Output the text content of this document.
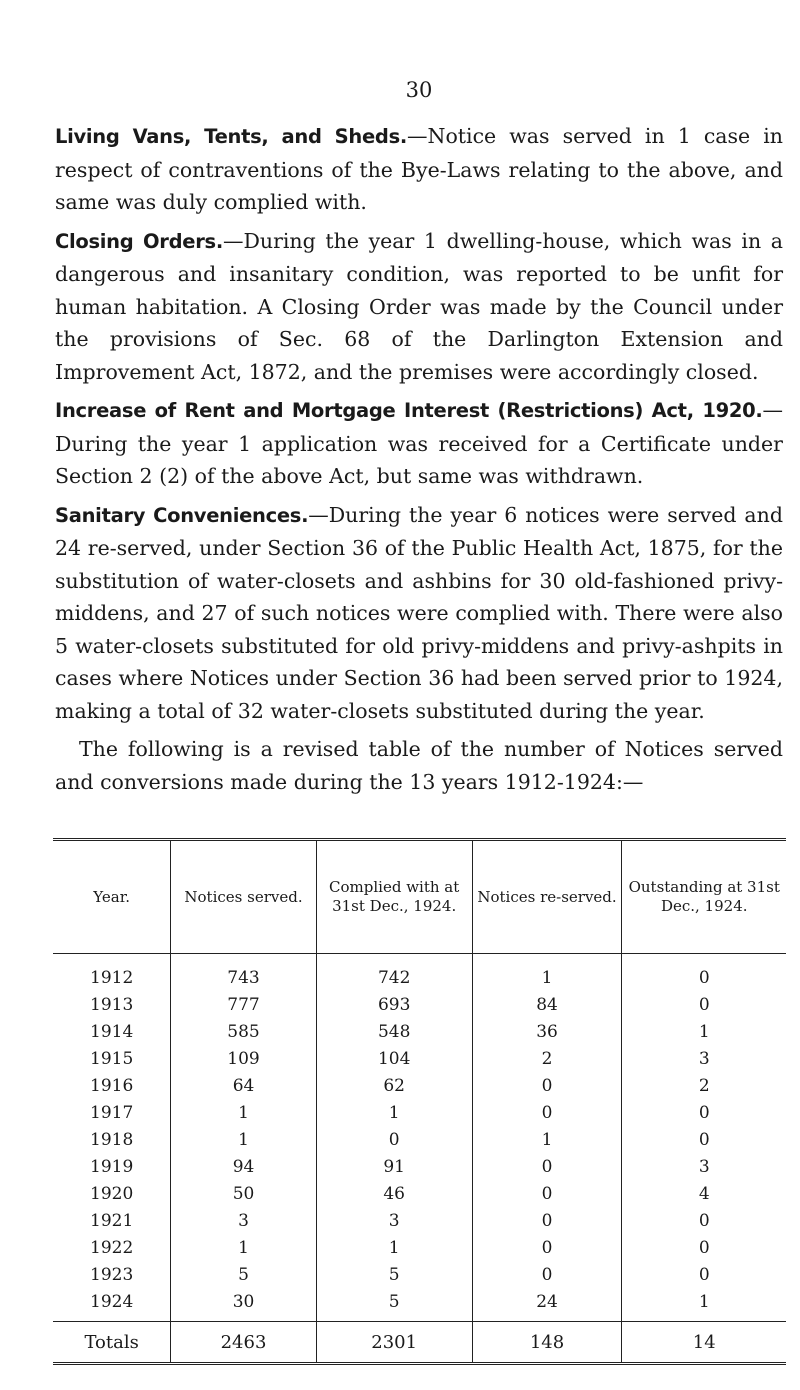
30

Living Vans, Tents, and Sheds.—Notice was served in 1 case in respect of contraventions of the Bye-Laws relating to the above, and same was duly complied with.

Closing Orders.—During the year 1 dwelling-house, which was in a dangerous and insanitary condition, was reported to be unfit for human habitation. A Closing Order was made by the Council under the provisions of Sec. 68 of the Darlington Extension and Improvement Act, 1872, and the premises were accordingly closed.

Increase of Rent and Mortgage Interest (Restrictions) Act, 1920.—During the year 1 application was received for a Certificate under Section 2 (2) of the above Act, but same was withdrawn.

Sanitary Conveniences.—During the year 6 notices were served and 24 re-served, under Section 36 of the Public Health Act, 1875, for the substitution of water-closets and ashbins for 30 old-fashioned privy-middens, and 27 of such notices were complied with. There were also 5 water-closets substituted for old privy-middens and privy-ashpits in cases where Notices under Section 36 had been served prior to 1924, making a total of 32 water-closets substituted during the year.

The following is a revised table of the number of Notices served and conversions made during the 13 years 1912-1924:—

Year.	Notices served.	Complied with at 31st Dec., 1924.	Notices re-served.	Outstanding at 31st Dec., 1924.
1912	743	742	1	0
1913	777	693	84	0
1914	585	548	36	1
1915	109	104	2	3
1916	64	62	0	2
1917	1	1	0	0
1918	1	0	1	0
1919	94	91	0	3
1920	50	46	0	4
1921	3	3	0	0
1922	1	1	0	0
1923	5	5	0	0
1924	30	5	24	1
Totals	2463	2301	148	14
